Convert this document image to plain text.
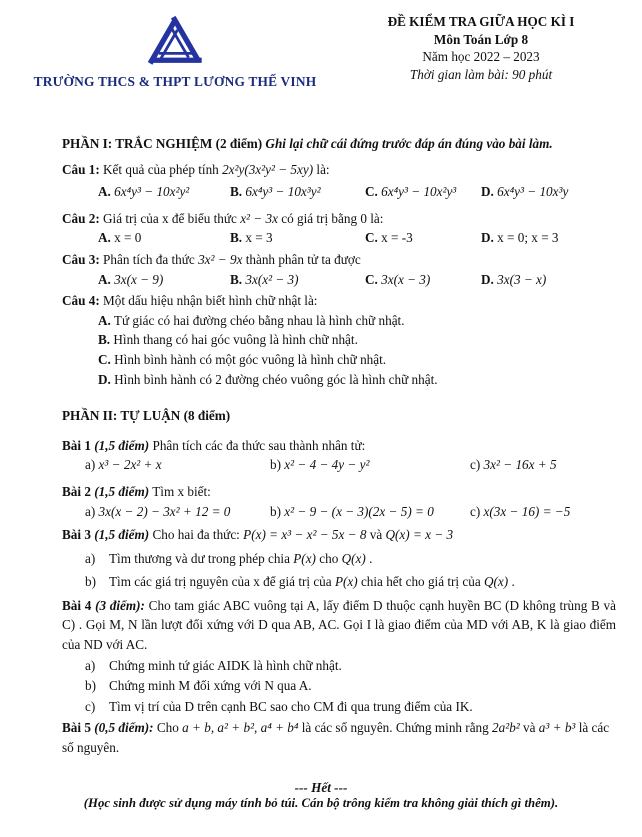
TRƯỜNG THCS & THPT LƯƠNG THẾ VINH
ĐỀ KIỂM TRA GIỮA HỌC KÌ I
Môn Toán Lớp 8
Năm học 2022 – 2023
Thời gian làm bài: 90 phút
PHẦN I: TRẮC NGHIỆM (2 điểm) Ghi lại chữ cái đứng trước đáp án đúng vào bài làm.
Câu 1: Kết quả của phép tính 2x²y(3x²y² − 5xy) là:
A. 6x⁴y³ − 10x²y²	B. 6x⁴y³ − 10x³y²	C. 6x⁴y³ − 10x²y³	D. 6x⁴y³ − 10x³y
Câu 2: Giá trị của x để biểu thức x² − 3x có giá trị bằng 0 là:
A. x = 0	B. x = 3	C. x = -3	D. x = 0; x = 3
Câu 3: Phân tích đa thức 3x² − 9x thành phân tử ta được
A. 3x(x − 9)	B. 3x(x² − 3)	C. 3x(x − 3)	D. 3x(3 − x)
Câu 4: Một dấu hiệu nhận biết hình chữ nhật là:
A. Tứ giác có hai đường chéo bằng nhau là hình chữ nhật.
B. Hình thang có hai góc vuông là hình chữ nhật.
C. Hình bình hành có một góc vuông là hình chữ nhật.
D. Hình bình hành có 2 đường chéo vuông góc là hình chữ nhật.
PHẦN II: TỰ LUẬN (8 điểm)
Bài 1 (1,5 điểm) Phân tích các đa thức sau thành nhân tử:
a) x³ − 2x² + x	b) x² − 4 − 4y − y²	c) 3x² − 16x + 5
Bài 2 (1,5 điểm) Tìm x biết:
a) 3x(x − 2) − 3x² + 12 = 0	b) x² − 9 − (x − 3)(2x − 5) = 0	c) x(3x − 16) = −5
Bài 3 (1,5 điểm) Cho hai đa thức: P(x) = x³ − x² − 5x − 8 và Q(x) = x − 3
a) Tìm thương và dư trong phép chia P(x) cho Q(x) .
b) Tìm các giá trị nguyên của x để giá trị của P(x) chia hết cho giá trị của Q(x) .
Bài 4 (3 điểm): Cho tam giác ABC vuông tại A, lấy điểm D thuộc cạnh huyền BC (D không trùng B và C) . Gọi M, N lần lượt đối xứng với D qua AB, AC. Gọi I là giao điểm của MD với AB, K là giao điểm của ND với AC.
a) Chứng minh tứ giác AIDK là hình chữ nhật.
b) Chứng minh M đối xứng với N qua A.
c) Tìm vị trí của D trên cạnh BC sao cho CM đi qua trung điểm của IK.
Bài 5 (0,5 điểm): Cho a + b, a² + b², a⁴ + b⁴ là các số nguyên. Chứng minh rằng 2a²b² và a³ + b³ là các số nguyên.
--- Hết ---
(Học sinh được sử dụng máy tính bỏ túi. Cán bộ trông kiểm tra không giải thích gì thêm).
